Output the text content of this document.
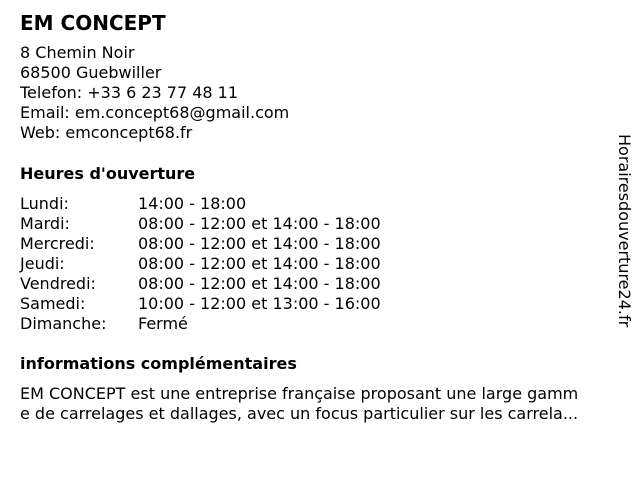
EM CONCEPT
8 Chemin Noir
68500 Guebwiller
Telefon: +33 6 23 77 48 11
Email: em.concept68@gmail.com
Web: emconcept68.fr
Heures d'ouverture
Lundi:	14:00 - 18:00
Mardi:	08:00 - 12:00 et 14:00 - 18:00
Mercredi:	08:00 - 12:00 et 14:00 - 18:00
Jeudi:	08:00 - 12:00 et 14:00 - 18:00
Vendredi:	08:00 - 12:00 et 14:00 - 18:00
Samedi:	10:00 - 12:00 et 13:00 - 16:00
Dimanche: Fermé
informations complémentaires
EM CONCEPT est une entreprise française proposant une large gamm
e de carrelages et dallages, avec un focus particulier sur les carrela...
Horairesdouverture24.fr
